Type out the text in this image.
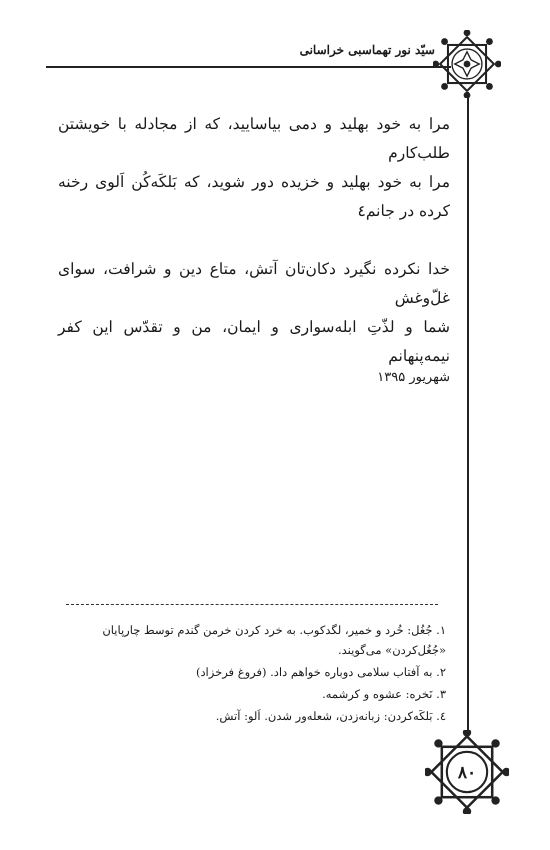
سیّد نور تهماسبی خراسانی
۸۰

مرا به خود بهلید و دمی بیاسایید، که از مجادله با خویشتن طلب‌کارم

مرا به خود بهلید و خزیده دور شوید، که بَلکَه‌کُن اَلوی رخنه کرده در جانم٤

خدا نکرده نگیرد دکان‌تان آتش، متاع دین و شرافت، سوای غل‌ّوغش

شما و لذّتِ ابله‌سواری و ایمان، من و تقدّس این کفر نیمه‌پنهانم

شهریور ۱۳۹۵

۱. جُغُل: خُرد و خمیر، لگدکوب. به خرد کردن خرمن گندم توسط چارپایان «جُغُل‌کردن» می‌گویند.

۲. به آفتاب سلامی دوباره خواهم داد. (فروغ فرخزاد)

۳. نَخره: عشوه و کرشمه.

٤. بَلکَه‌کردن: زبانه‌زدن، شعله‌ور شدن. اَلو: آتش.
